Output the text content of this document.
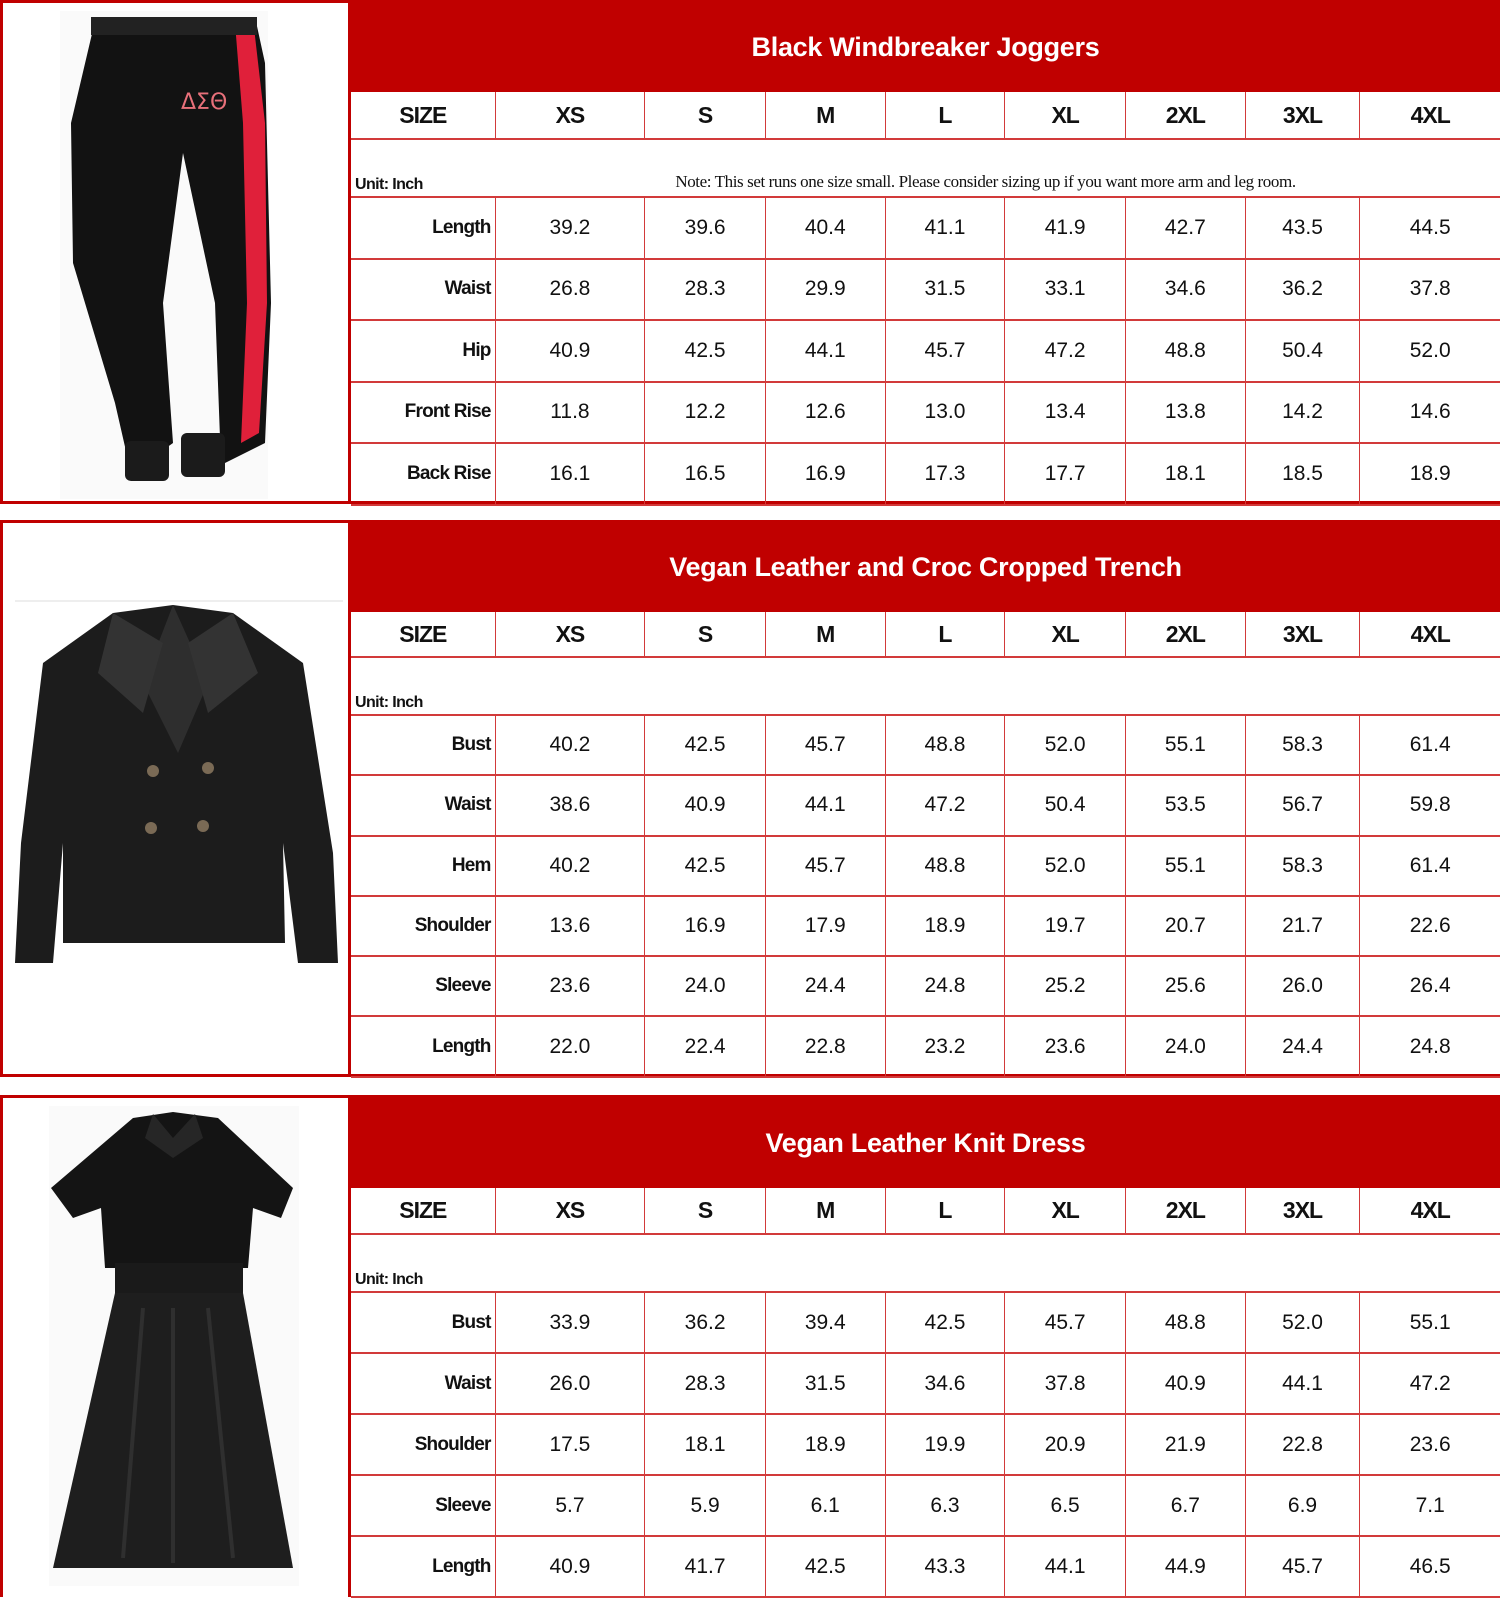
ΔΣΘ
Black Windbreaker Joggers
SIZE	XS	S	M	L	XL	2XL	3XL	4XL
Unit: Inch	Note: This set runs one size small. Please consider sizing up if you want more arm and leg room.
Length	39.2	39.6	40.4	41.1	41.9	42.7	43.5	44.5
Waist	26.8	28.3	29.9	31.5	33.1	34.6	36.2	37.8
Hip	40.9	42.5	44.1	45.7	47.2	48.8	50.4	52.0
Front Rise	11.8	12.2	12.6	13.0	13.4	13.8	14.2	14.6
Back Rise	16.1	16.5	16.9	17.3	17.7	18.1	18.5	18.9
Vegan Leather and Croc Cropped Trench
SIZE	XS	S	M	L	XL	2XL	3XL	4XL
Unit: Inch
Bust	40.2	42.5	45.7	48.8	52.0	55.1	58.3	61.4
Waist	38.6	40.9	44.1	47.2	50.4	53.5	56.7	59.8
Hem	40.2	42.5	45.7	48.8	52.0	55.1	58.3	61.4
Shoulder	13.6	16.9	17.9	18.9	19.7	20.7	21.7	22.6
Sleeve	23.6	24.0	24.4	24.8	25.2	25.6	26.0	26.4
Length	22.0	22.4	22.8	23.2	23.6	24.0	24.4	24.8
Vegan Leather Knit Dress
SIZE	XS	S	M	L	XL	2XL	3XL	4XL
Unit: Inch
Bust	33.9	36.2	39.4	42.5	45.7	48.8	52.0	55.1
Waist	26.0	28.3	31.5	34.6	37.8	40.9	44.1	47.2
Shoulder	17.5	18.1	18.9	19.9	20.9	21.9	22.8	23.6
Sleeve	5.7	5.9	6.1	6.3	6.5	6.7	6.9	7.1
Length	40.9	41.7	42.5	43.3	44.1	44.9	45.7	46.5
